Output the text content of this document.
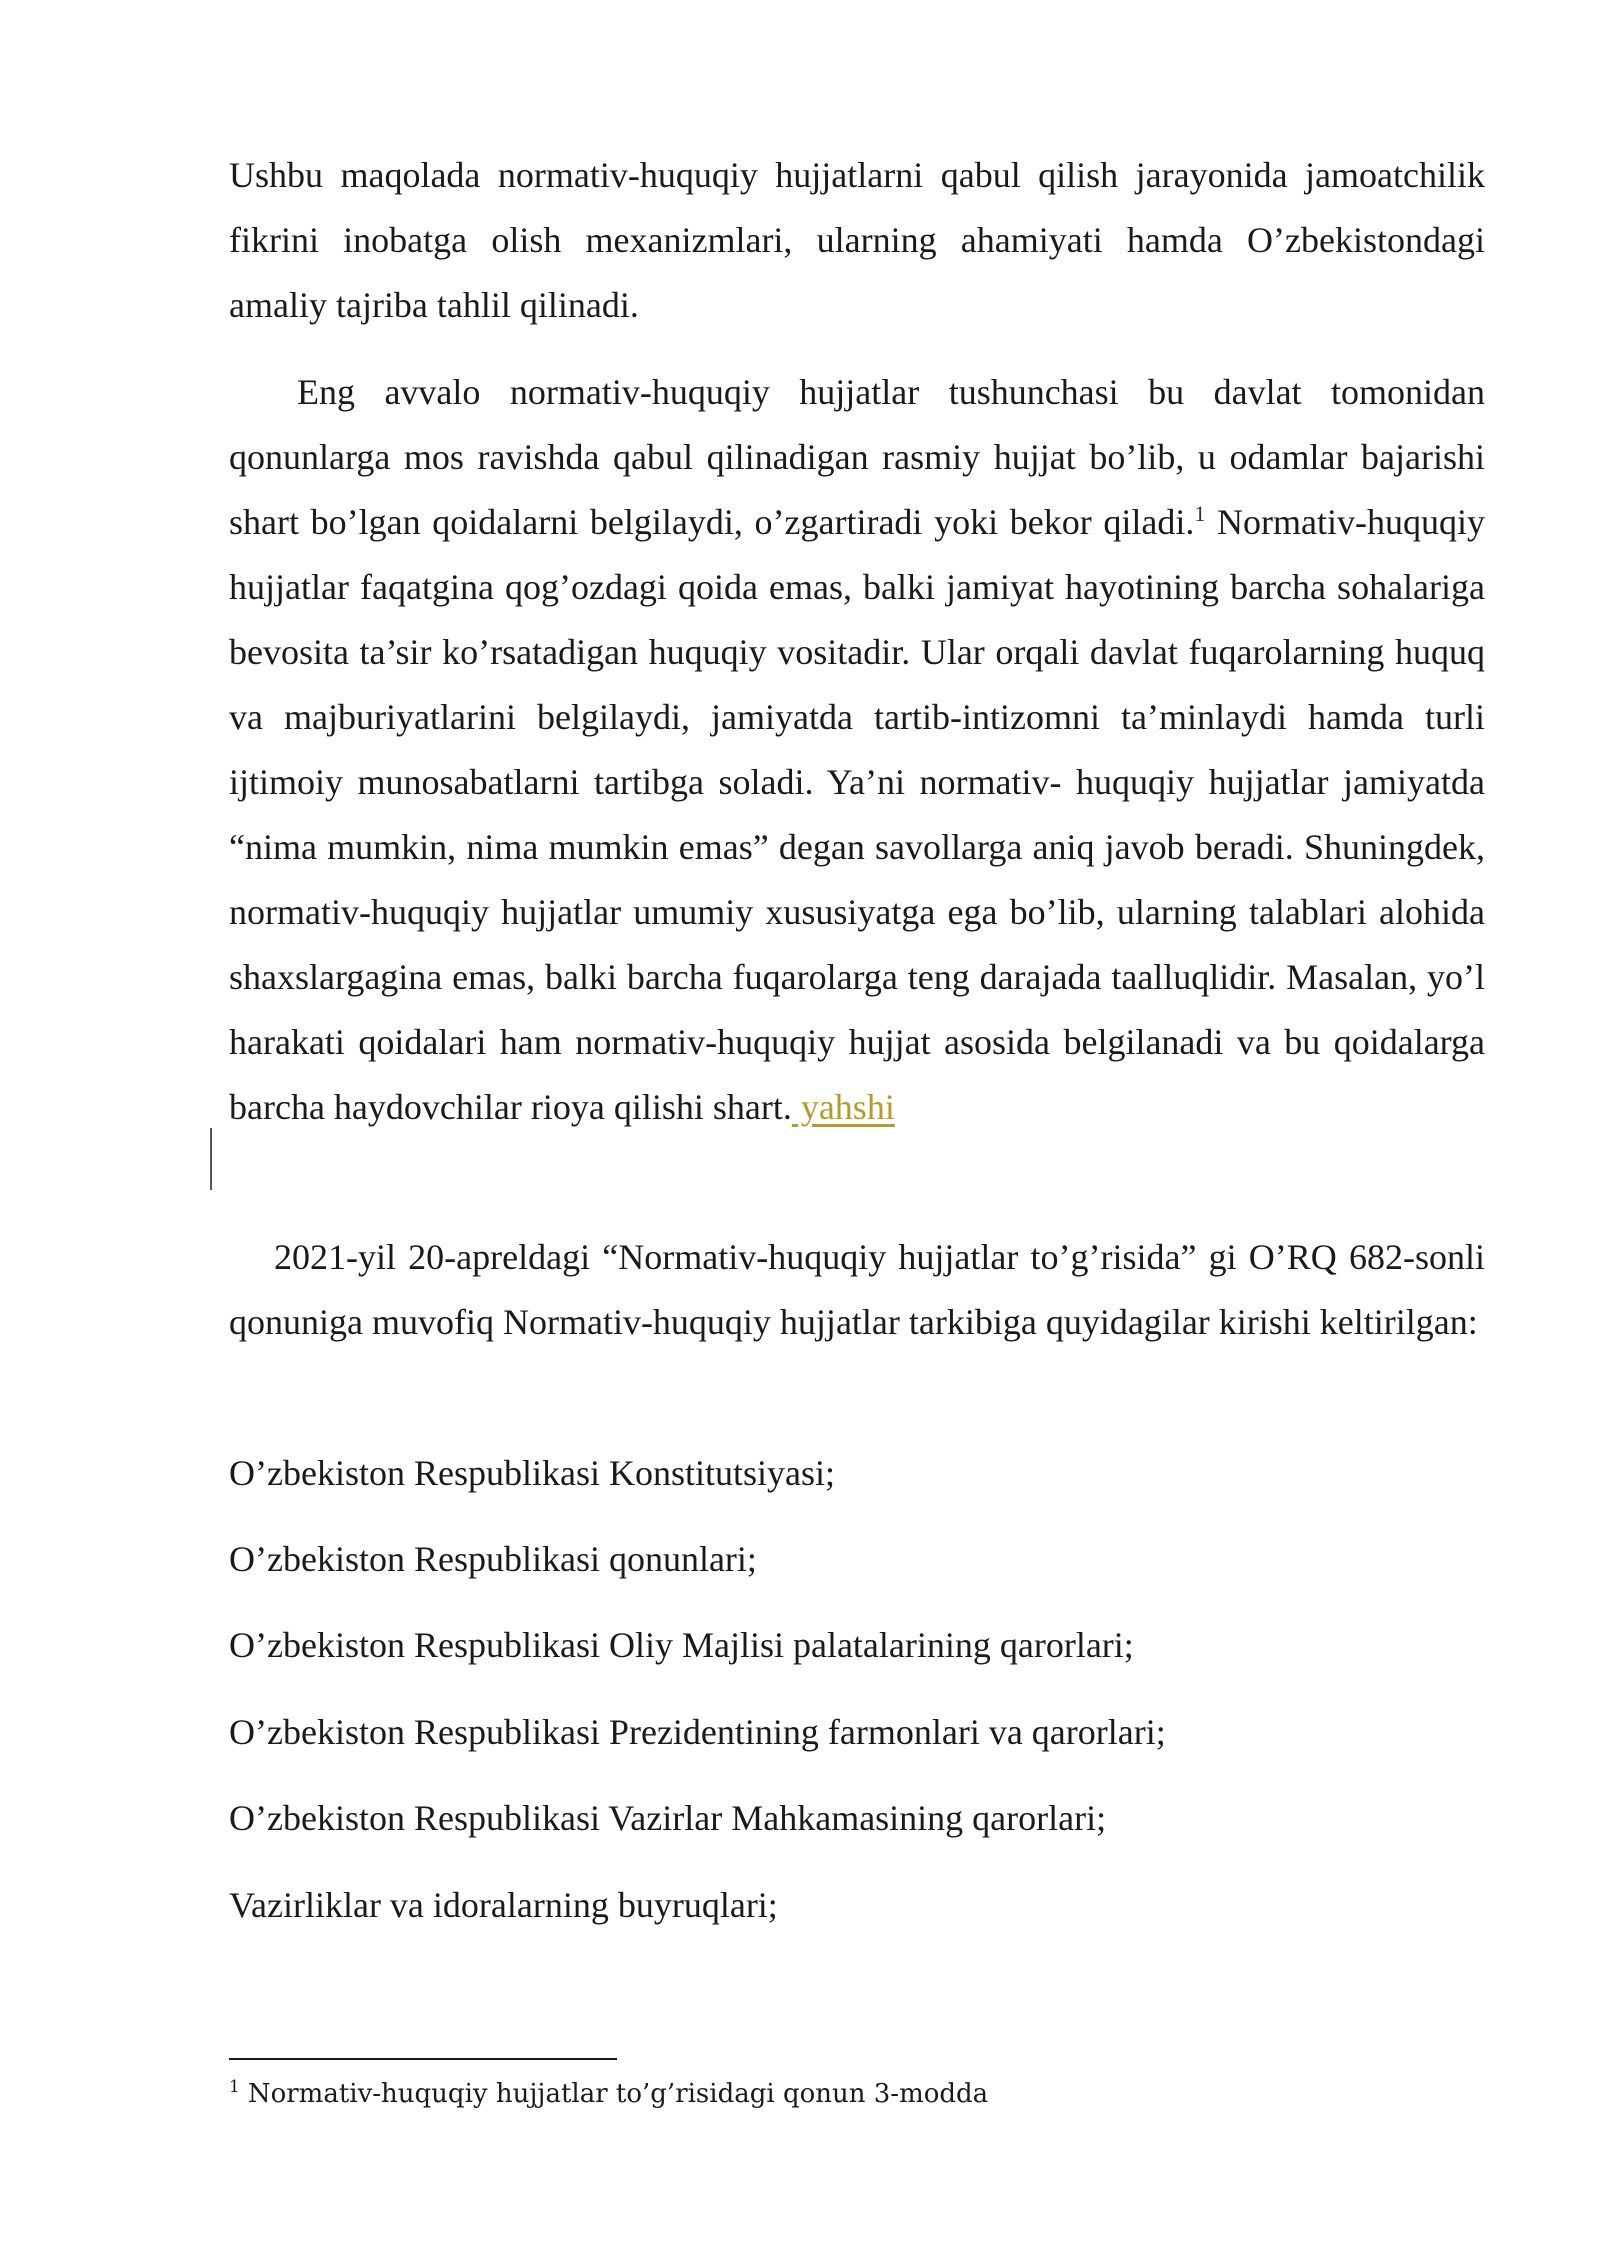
Ushbu maqolada normativ-huquqiy hujjatlarni qabul qilish jarayonida jamoatchilik fikrini inobatga olish mexanizmlari, ularning ahamiyati hamda O’zbekistondagi amaliy tajriba tahlil qilinadi.

Eng avvalo normativ-huquqiy hujjatlar tushunchasi bu davlat tomonidan qonunlarga mos ravishda qabul qilinadigan rasmiy hujjat bo’lib, u odamlar bajarishi shart bo’lgan qoidalarni belgilaydi, o’zgartiradi yoki bekor qiladi.$^1$ Normativ-huquqiy hujjatlar faqatgina qog’ozdagi qoida emas, balki jamiyat hayotining barcha sohalariga bevosita ta’sir ko’rsatadigan huquqiy vositadir. Ular orqali davlat fuqarolarning huquq va majburiyatlarini belgilaydi, jamiyatda tartib-intizomni ta’minlaydi hamda turli ijtimoiy munosabatlarni tartibga soladi. Ya’ni normativ- huquqiy hujjatlar jamiyatda “nima mumkin, nima mumkin emas” degan savollarga aniq javob beradi. Shuningdek, normativ-huquqiy hujjatlar umumiy xususiyatga ega bo’lib, ularning talablari alohida shaxslargagina emas, balki barcha fuqarolarga teng darajada taalluqlidir. Masalan, yo’l harakati qoidalari ham normativ-huquqiy hujjat asosida belgilanadi va bu qoidalarga barcha haydovchilar rioya qilishi shart. yahshi

2021-yil 20-apreldagi “Normativ-huquqiy hujjatlar to’g’risida” gi O’RQ 682-sonli qonuniga muvofiq Normativ-huquqiy hujjatlar tarkibiga quyidagilar kirishi keltirilgan:

O’zbekiston Respublikasi Konstitutsiyasi;

O’zbekiston Respublikasi qonunlari;

O’zbekiston Respublikasi Oliy Majlisi palatalarining qarorlari;

O’zbekiston Respublikasi Prezidentining farmonlari va qarorlari;

O’zbekiston Respublikasi Vazirlar Mahkamasining qarorlari;

Vazirliklar va idoralarning buyruqlari;

$^1$ Normativ-huquqiy hujjatlar to’g’risidagi qonun 3-modda
